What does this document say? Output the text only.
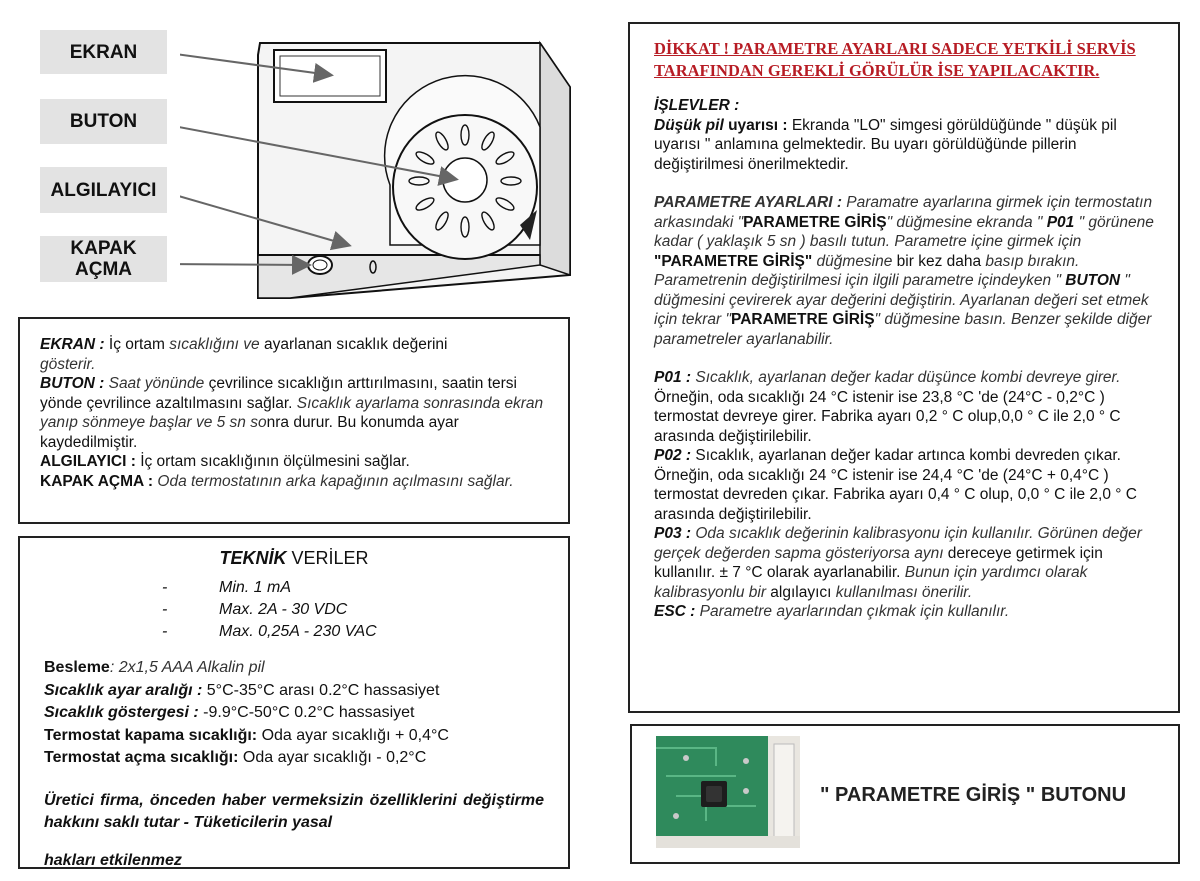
EKRAN
BUTON
ALGILAYICI
KAPAK
AÇMA

EKRAN : İç ortam sıcaklığını ve ayarlanan sıcaklık değerini
gösterir.

BUTON : Saat yönünde çevrilince sıcaklığın arttırılmasını, saatin tersi yönde çevrilince azaltılmasını sağlar. Sıcaklık ayarlama sonrasında ekran yanıp sönmeye başlar ve 5 sn sonra durur. Bu konumda ayar kaydedilmiştir.

ALGILAYICI : İç ortam sıcaklığının ölçülmesini sağlar.

KAPAK AÇMA : Oda termostatının arka kapağının açılmasını sağlar.

TEKNİK VERİLER
-	Min. 1 mA
-	Max. 2A - 30 VDC
-	Max. 0,25A - 230 VAC
Besleme: 2x1,5 AAA Alkalin pil
Sıcaklık ayar aralığı : 5°C-35°C arası 0.2°C hassasiyet
Sıcaklık göstergesi : -9.9°C-50°C 0.2°C hassasiyet
Termostat kapama sıcaklığı: Oda ayar sıcaklığı + 0,4°C
Termostat açma sıcaklığı: Oda ayar sıcaklığı - 0,2°C
Üretici firma, önceden haber vermeksizin özelliklerini değiştirme hakkını saklı tutar - Tüketicilerin yasal
hakları etkilenmez
DİKKAT ! PARAMETRE AYARLARI SADECE YETKİLİ SERVİS TARAFINDAN GEREKLİ GÖRÜLÜR İSE YAPILACAKTIR.

İŞLEVLER :

Düşük pil uyarısı : Ekranda "LO" simgesi görüldüğünde " düşük pil uyarısı " anlamına gelmektedir. Bu uyarı görüldüğünde pillerin değiştirilmesi önerilmektedir.

PARAMETRE AYARLARI : Paramatre ayarlarına girmek için termostatın arkasındaki "PARAMETRE GİRİŞ" düğmesine ekranda " P01 " görünene kadar ( yaklaşık 5 sn ) basılı tutun. Parametre içine girmek için "PARAMETRE GİRİŞ" düğmesine bir kez daha basıp bırakın. Parametrenin değiştirilmesi için ilgili parametre içindeyken " BUTON " düğmesini çevirerek ayar değerini değiştirin. Ayarlanan değeri set etmek için tekrar "PARAMETRE GİRİŞ" düğmesine basın. Benzer şekilde diğer parametreler ayarlanabilir.

P01 : Sıcaklık, ayarlanan değer kadar düşünce kombi devreye girer. Örneğin, oda sıcaklığı 24 °C istenir ise 23,8 °C 'de (24°C - 0,2°C ) termostat devreye girer. Fabrika ayarı 0,2 ° C olup,0,0 ° C ile 2,0 ° C arasında değiştirilebilir.

P02 : Sıcaklık, ayarlanan değer kadar artınca kombi devreden çıkar. Örneğin, oda sıcaklığı 24 °C istenir ise 24,4 °C 'de (24°C + 0,4°C ) termostat devreden çıkar. Fabrika ayarı 0,4 ° C olup, 0,0 ° C ile 2,0 ° C arasında değiştirilebilir.

P03 : Oda sıcaklık değerinin kalibrasyonu için kullanılır. Görünen değer gerçek değerden sapma gösteriyorsa aynı dereceye getirmek için kullanılır. ± 7 °C olarak ayarlanabilir. Bunun için yardımcı olarak kalibrasyonlu bir algılayıcı kullanılması önerilir.

ESC : Parametre ayarlarından çıkmak için kullanılır.

" PARAMETRE GİRİŞ " BUTONU
